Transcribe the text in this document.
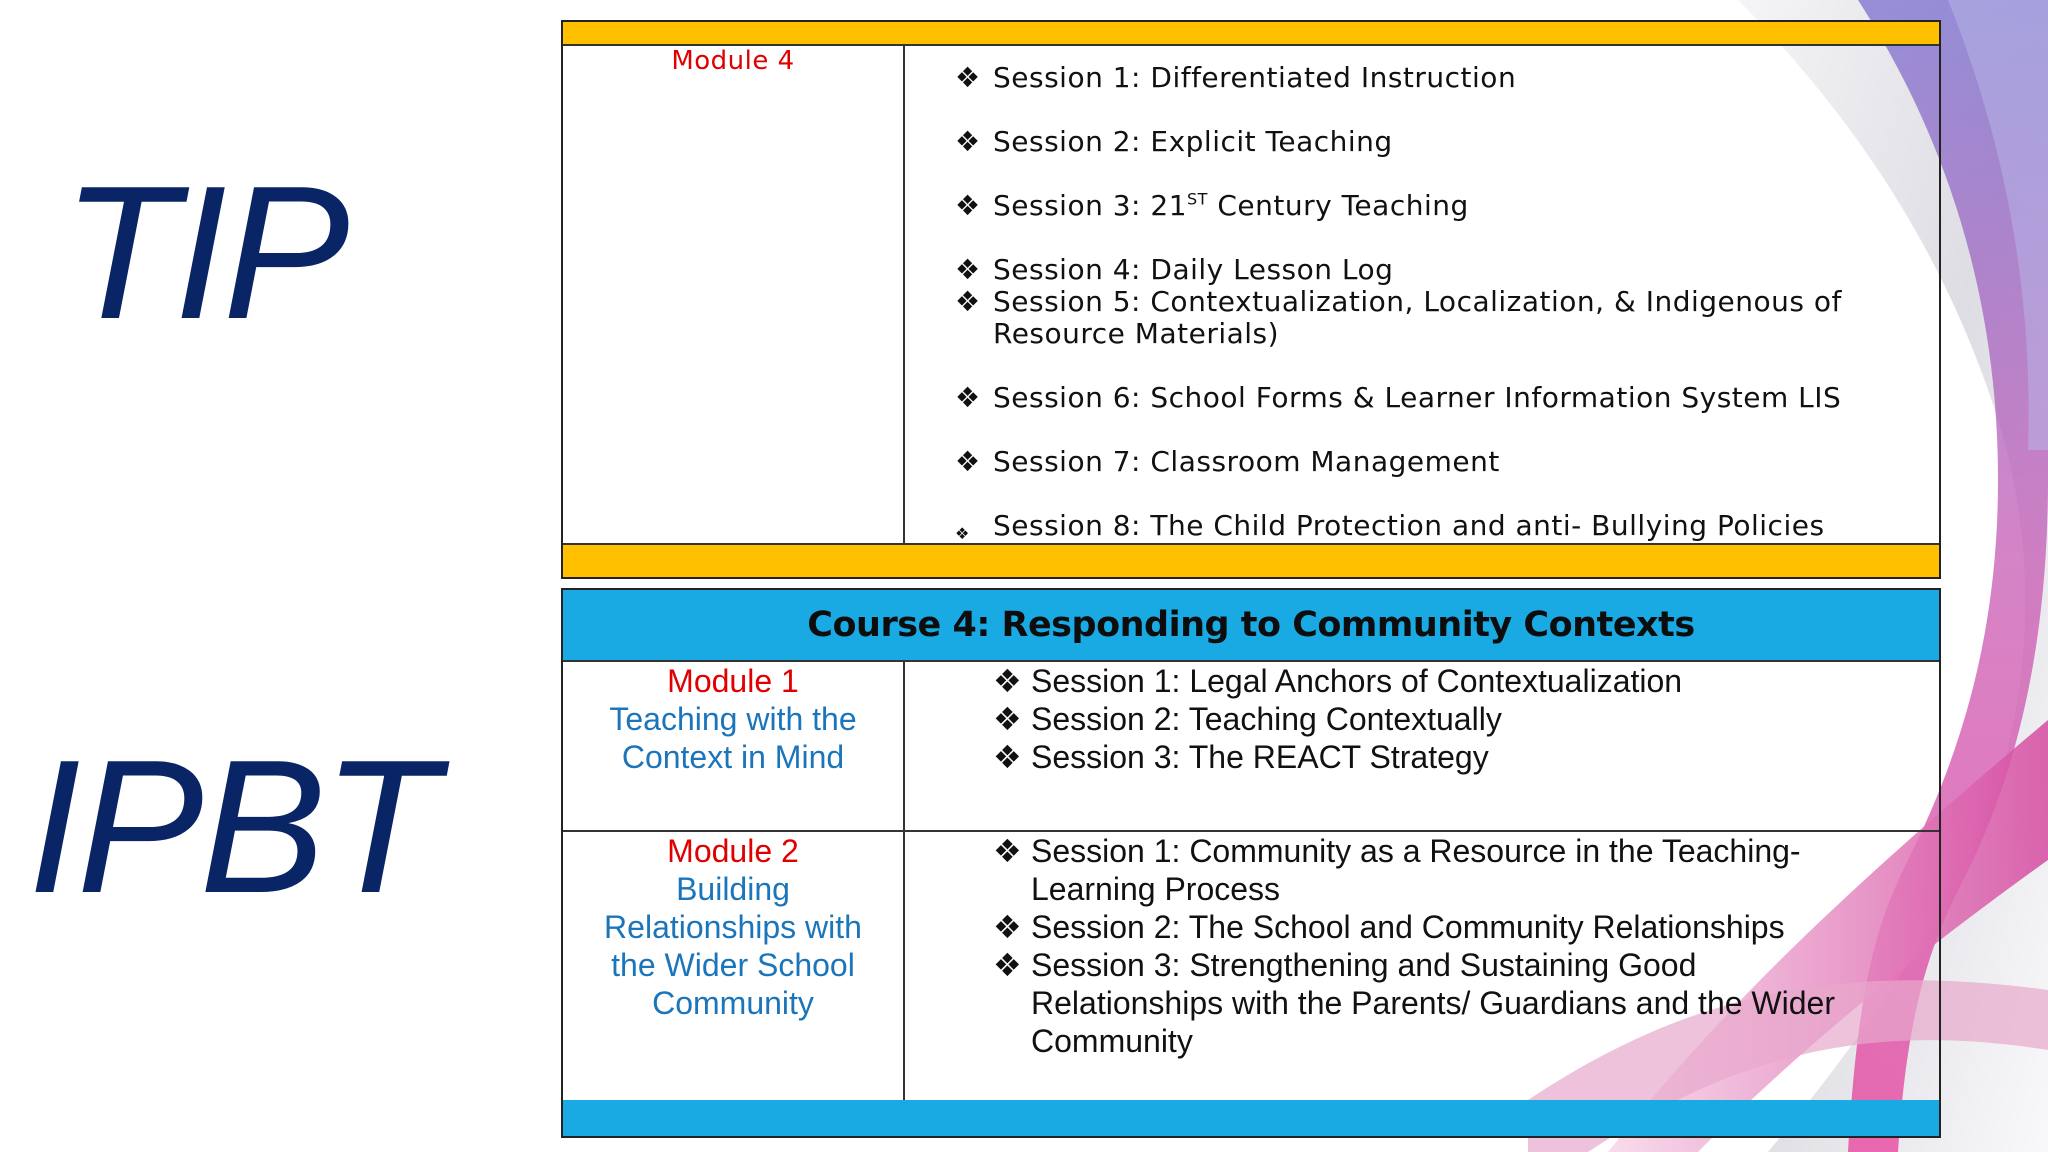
TIP
IPBT
Module 4	❖ Session 1: Differentiated Instruction
❖ Session 2: Explicit Teaching
❖ Session 3: 21ST Century Teaching
❖ Session 4: Daily Lesson Log
❖ Session 5: Contextualization, Localization, & Indigenous of
Resource Materials)
❖ Session 6: School Forms & Learner Information System LIS
❖ Session 7: Classroom Management
❖ Session 8: The Child Protection and anti- Bullying Policies
Course 4: Responding to Community Contexts
Module 1
Teaching with the
Context in Mind
❖ Session 1: Legal Anchors of Contextualization
❖ Session 2: Teaching Contextually
❖ Session 3: The REACT Strategy
Module 2
Building
Relationships with
the Wider School
Community
❖ Session 1: Community as a Resource in the Teaching-
Learning Process
❖ Session 2: The School and Community Relationships
❖ Session 3: Strengthening and Sustaining Good
Relationships with the Parents/ Guardians and the Wider
Community
